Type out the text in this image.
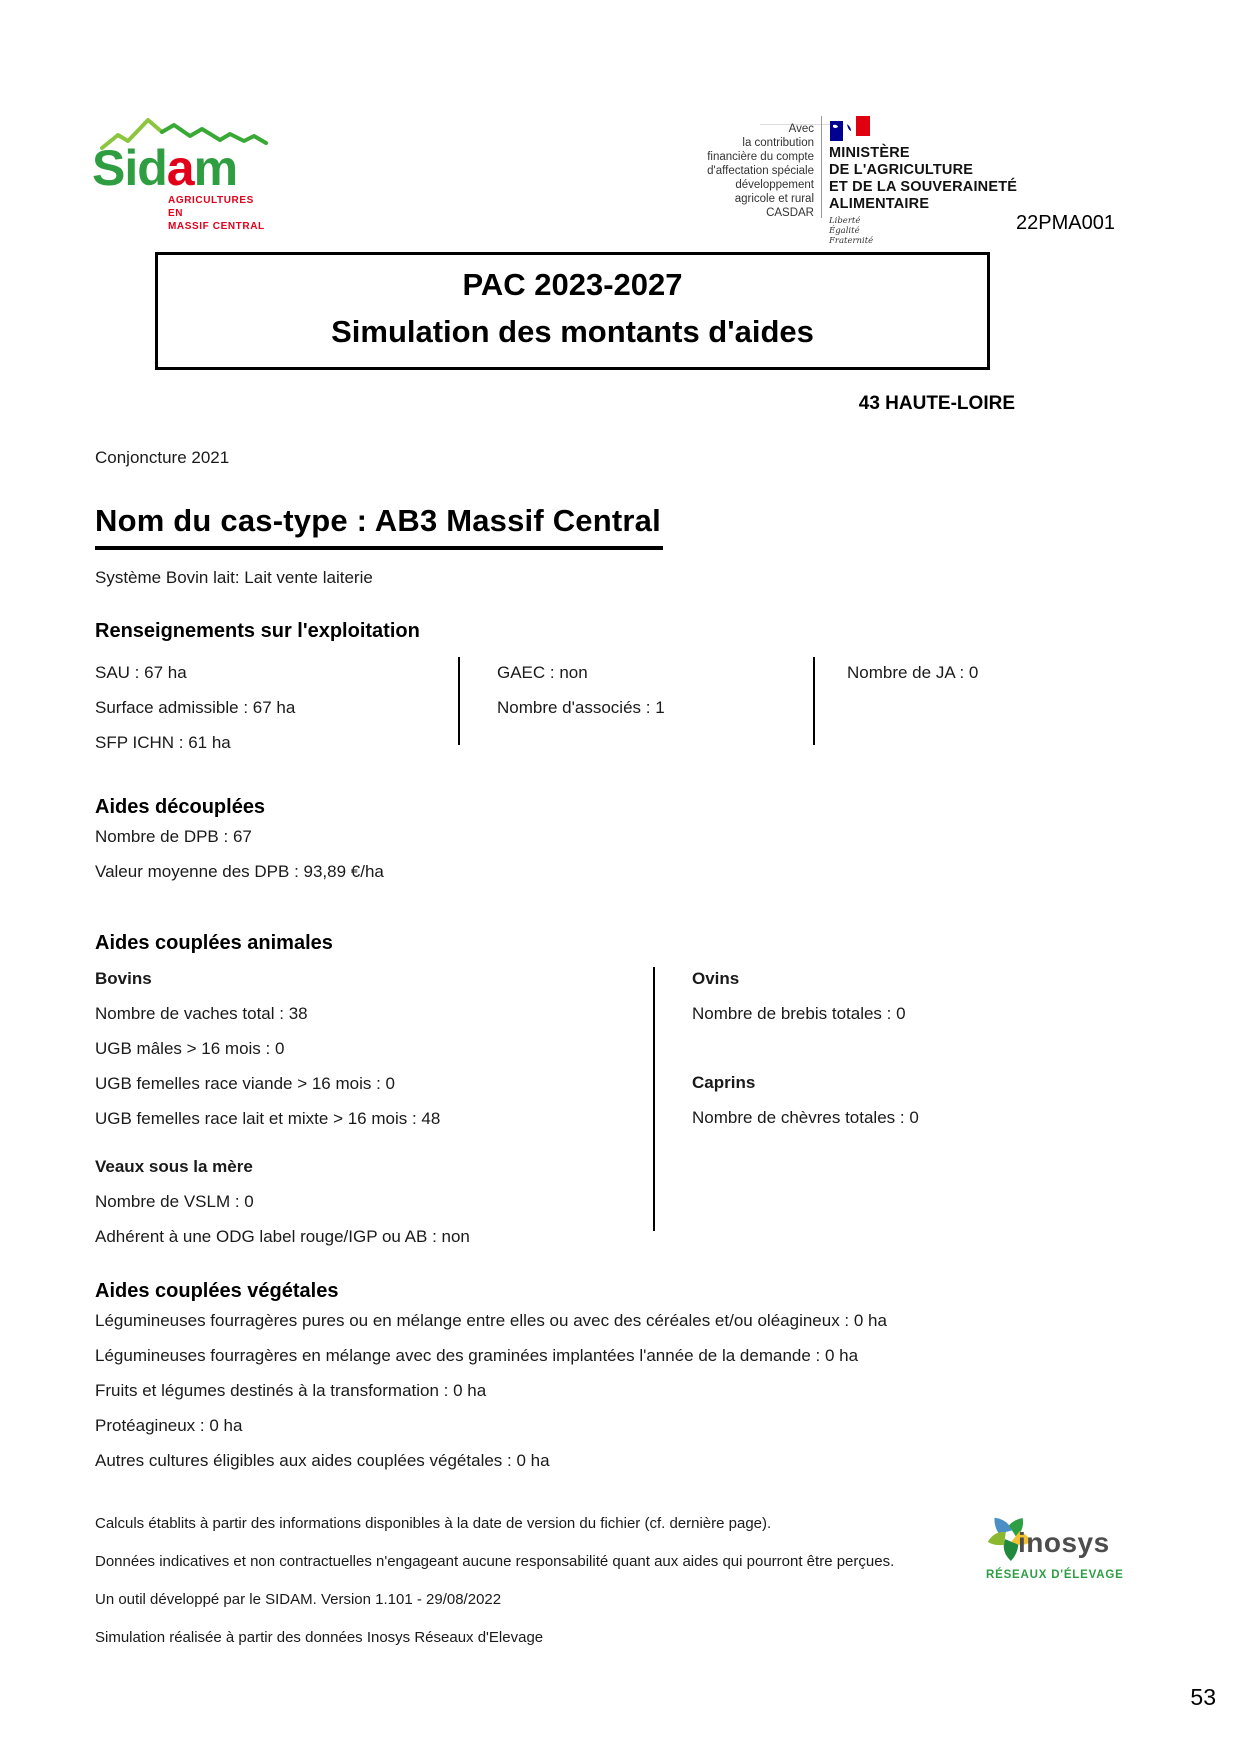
Sidam
AGRICULTURES EN
MASSIF CENTRAL
Avec
la contribution
financière du compte
d'affectation spéciale
développement
agricole et rural
CASDAR
MINISTÈRE
DE L'AGRICULTURE
ET DE LA SOUVERAINETÉ
ALIMENTAIRE
Liberté
Égalité
Fraternité
22PMA001
PAC 2023-2027
Simulation des montants d'aides
43 HAUTE-LOIRE
Conjoncture 2021
Nom du cas-type : AB3 Massif Central
Système Bovin lait: Lait vente laiterie
Renseignements sur l'exploitation
SAU : 67 ha
Surface admissible : 67 ha
SFP ICHN : 61 ha
GAEC : non
Nombre d'associés : 1
Nombre de JA : 0
Aides découplées
Nombre de DPB : 67
Valeur moyenne des DPB : 93,89 €/ha
Aides couplées animales
Bovins
Nombre de vaches total : 38
UGB mâles > 16 mois : 0
UGB femelles race viande > 16 mois : 0
UGB femelles race lait et mixte > 16 mois : 48
Veaux sous la mère
Nombre de VSLM : 0
Adhérent à une ODG label rouge/IGP ou AB : non
Ovins
Nombre de brebis totales : 0
Caprins
Nombre de chèvres totales : 0
Aides couplées végétales
Légumineuses fourragères pures ou en mélange entre elles ou avec des céréales et/ou oléagineux : 0 ha
Légumineuses fourragères en mélange avec des graminées implantées l'année de la demande : 0 ha
Fruits et légumes destinés à la transformation : 0 ha
Protéagineux : 0 ha
Autres cultures éligibles aux aides couplées végétales : 0 ha
Calculs établits à partir des informations disponibles à la date de version du fichier (cf. dernière page).
Données indicatives et non contractuelles n'engageant aucune responsabilité quant aux aides qui pourront être perçues.
Un outil développé par le SIDAM. Version 1.101 - 29/08/2022
Simulation réalisée à partir des données Inosys Réseaux d'Elevage
inosys
RÉSEAUX D'ÉLEVAGE
53
